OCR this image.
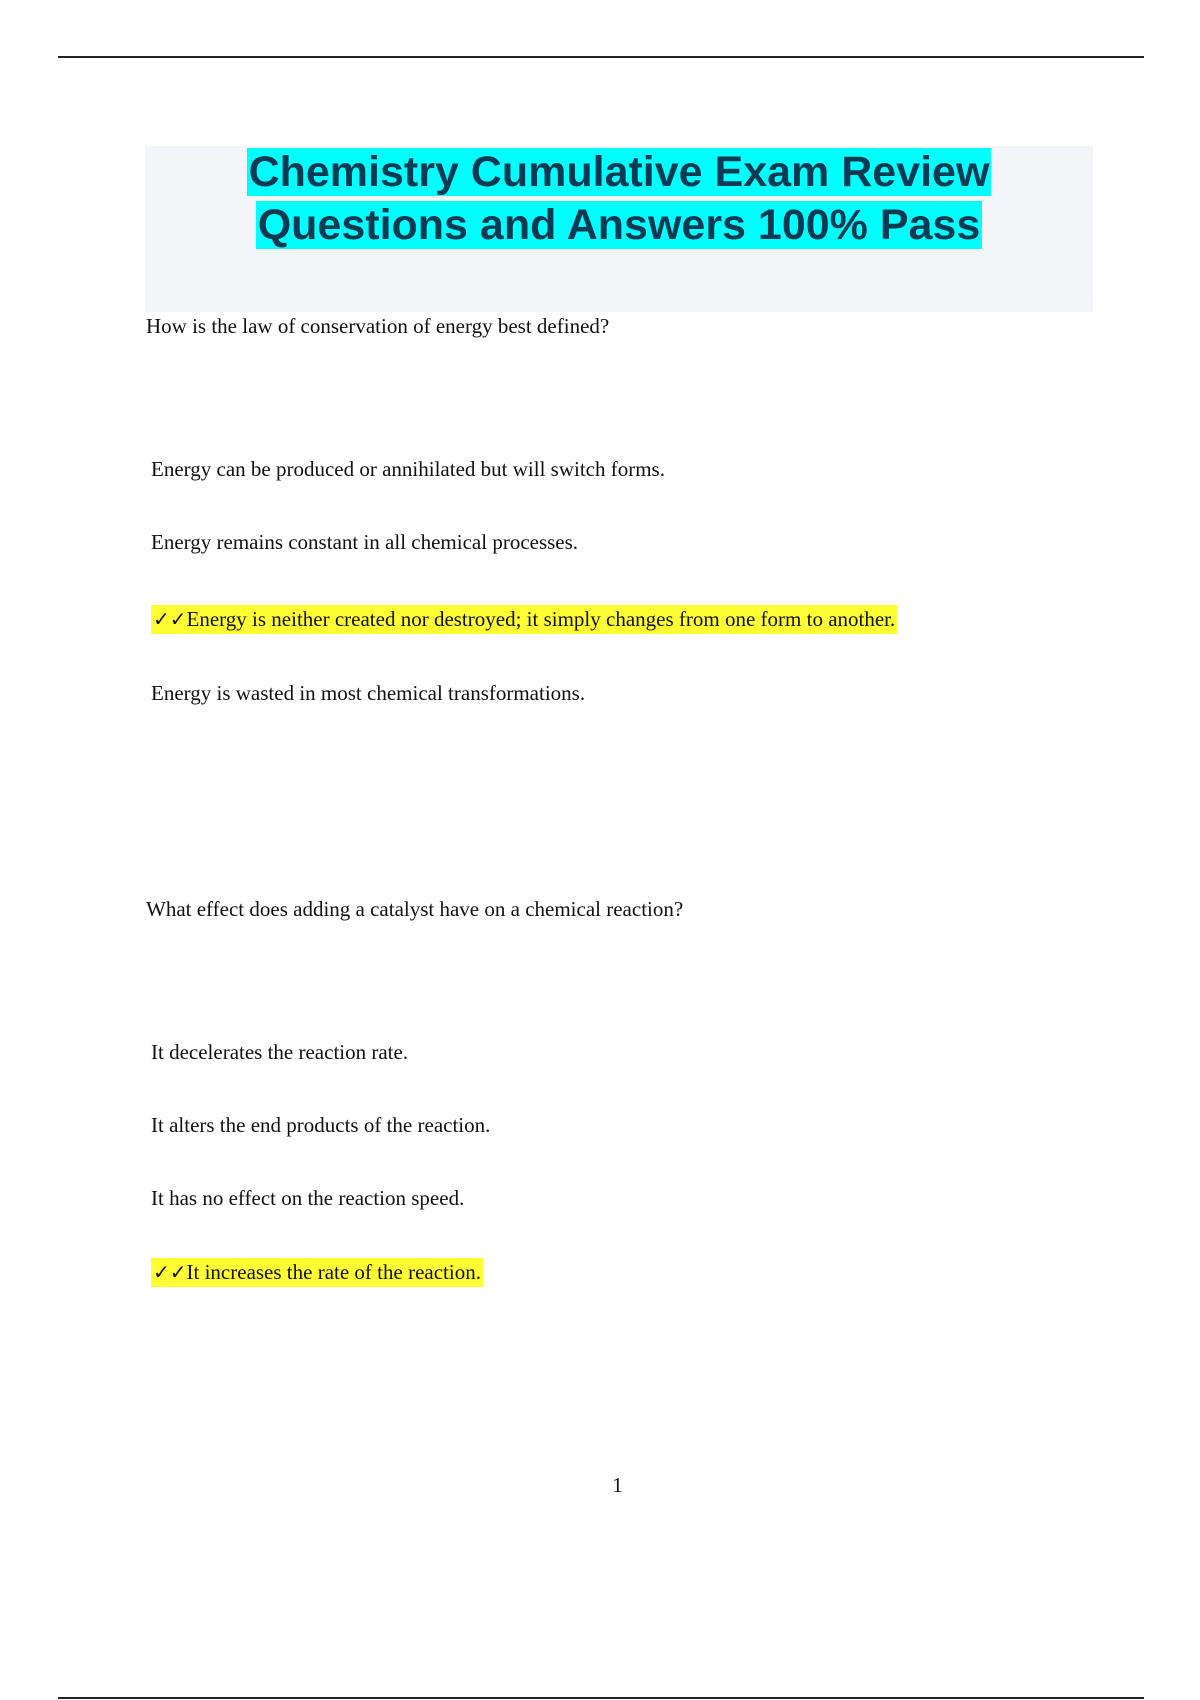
Chemistry Cumulative Exam Review
Questions and Answers 100% Pass
How is the law of conservation of energy best defined?
Energy can be produced or annihilated but will switch forms.
Energy remains constant in all chemical processes.
✓✓Energy is neither created nor destroyed; it simply changes from one form to another.
Energy is wasted in most chemical transformations.
What effect does adding a catalyst have on a chemical reaction?
It decelerates the reaction rate.
It alters the end products of the reaction.
It has no effect on the reaction speed.
✓✓It increases the rate of the reaction.
1
